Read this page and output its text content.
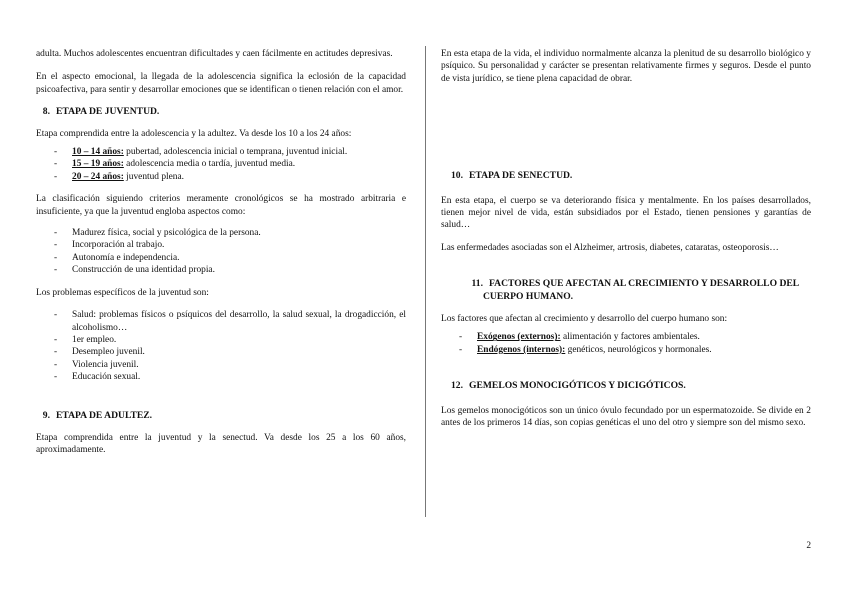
adulta. Muchos adolescentes encuentran dificultades y caen fácilmente en actitudes depresivas.

En el aspecto emocional, la llegada de la adolescencia significa la eclosión de la capacidad psicoafectiva, para sentir y desarrollar emociones que se identifican o tienen relación con el amor.

8. ETAPA DE JUVENTUD.

Etapa comprendida entre la adolescencia y la adultez. Va desde los 10 a los 24 años:

- 10 – 14 años: pubertad, adolescencia inicial o temprana, juventud inicial.
- 15 – 19 años: adolescencia media o tardía, juventud media.
- 20 – 24 años: juventud plena.

La clasificación siguiendo criterios meramente cronológicos se ha mostrado arbitraria e insuficiente, ya que la juventud engloba aspectos como:

- Madurez física, social y psicológica de la persona.
- Incorporación al trabajo.
- Autonomía e independencia.
- Construcción de una identidad propia.

Los problemas específicos de la juventud son:

- Salud: problemas físicos o psíquicos del desarrollo, la salud sexual, la drogadicción, el alcoholismo…
- 1er empleo.
- Desempleo juvenil.
- Violencia juvenil.
- Educación sexual.
9. ETAPA DE ADULTEZ.

Etapa comprendida entre la juventud y la senectud. Va desde los 25 a los 60 años, aproximadamente.

En esta etapa de la vida, el individuo normalmente alcanza la plenitud de su desarrollo biológico y psíquico. Su personalidad y carácter se presentan relativamente firmes y seguros. Desde el punto de vista jurídico, se tiene plena capacidad de obrar.

10. ETAPA DE SENECTUD.

En esta etapa, el cuerpo se va deteriorando física y mentalmente. En los países desarrollados, tienen mejor nivel de vida, están subsidiados por el Estado, tienen pensiones y garantías de salud…

Las enfermedades asociadas son el Alzheimer, artrosis, diabetes, cataratas, osteoporosis…

11. FACTORES QUE AFECTAN AL CRECIMIENTO Y DESARROLLO DEL CUERPO HUMANO.

Los factores que afectan al crecimiento y desarrollo del cuerpo humano son:

- Exógenos (externos): alimentación y factores ambientales.
- Endógenos (internos): genéticos, neurológicos y hormonales.
12. GEMELOS MONOCIGÓTICOS Y DICIGÓTICOS.

Los gemelos monocigóticos son un único óvulo fecundado por un espermatozoide. Se divide en 2 antes de los primeros 14 días, son copias genéticas el uno del otro y siempre son del mismo sexo.

2
